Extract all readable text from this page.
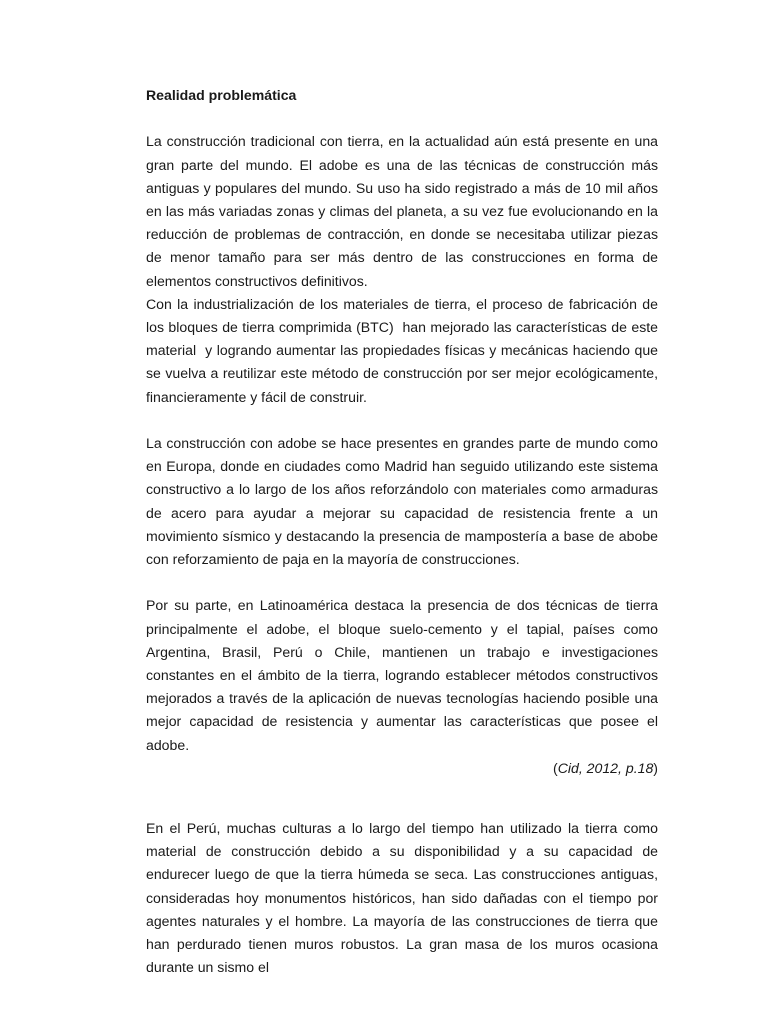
Realidad problemática

La construcción tradicional con tierra, en la actualidad aún está presente en una gran parte del mundo. El adobe es una de las técnicas de construcción más antiguas y populares del mundo. Su uso ha sido registrado a más de 10 mil años en las más variadas zonas y climas del planeta, a su vez fue evolucionando en la reducción de problemas de contracción, en donde se necesitaba utilizar piezas de menor tamaño para ser más dentro de las construcciones en forma de elementos constructivos definitivos.

Con la industrialización de los materiales de tierra, el proceso de fabricación de los bloques de tierra comprimida (BTC)  han mejorado las características de este material  y logrando aumentar las propiedades físicas y mecánicas haciendo que se vuelva a reutilizar este método de construcción por ser mejor ecológicamente, financieramente y fácil de construir.

La construcción con adobe se hace presentes en grandes parte de mundo como en Europa, donde en ciudades como Madrid han seguido utilizando este sistema constructivo a lo largo de los años reforzándolo con materiales como armaduras de acero para ayudar a mejorar su capacidad de resistencia frente a un movimiento sísmico y destacando la presencia de mampostería a base de abobe con reforzamiento de paja en la mayoría de construcciones.

Por su parte, en Latinoamérica destaca la presencia de dos técnicas de tierra principalmente el adobe, el bloque suelo-cemento y el tapial, países como Argentina, Brasil, Perú o Chile, mantienen un trabajo e investigaciones constantes en el ámbito de la tierra, logrando establecer métodos constructivos mejorados a través de la aplicación de nuevas tecnologías haciendo posible una mejor capacidad de resistencia y aumentar las características que posee el adobe.

(Cid, 2012, p.18)

En el Perú, muchas culturas a lo largo del tiempo han utilizado la tierra como material de construcción debido a su disponibilidad y a su capacidad de endurecer luego de que la tierra húmeda se seca. Las construcciones antiguas, consideradas hoy monumentos históricos, han sido dañadas con el tiempo por agentes naturales y el hombre. La mayoría de las construcciones de tierra que han perdurado tienen muros robustos. La gran masa de los muros ocasiona durante un sismo el
